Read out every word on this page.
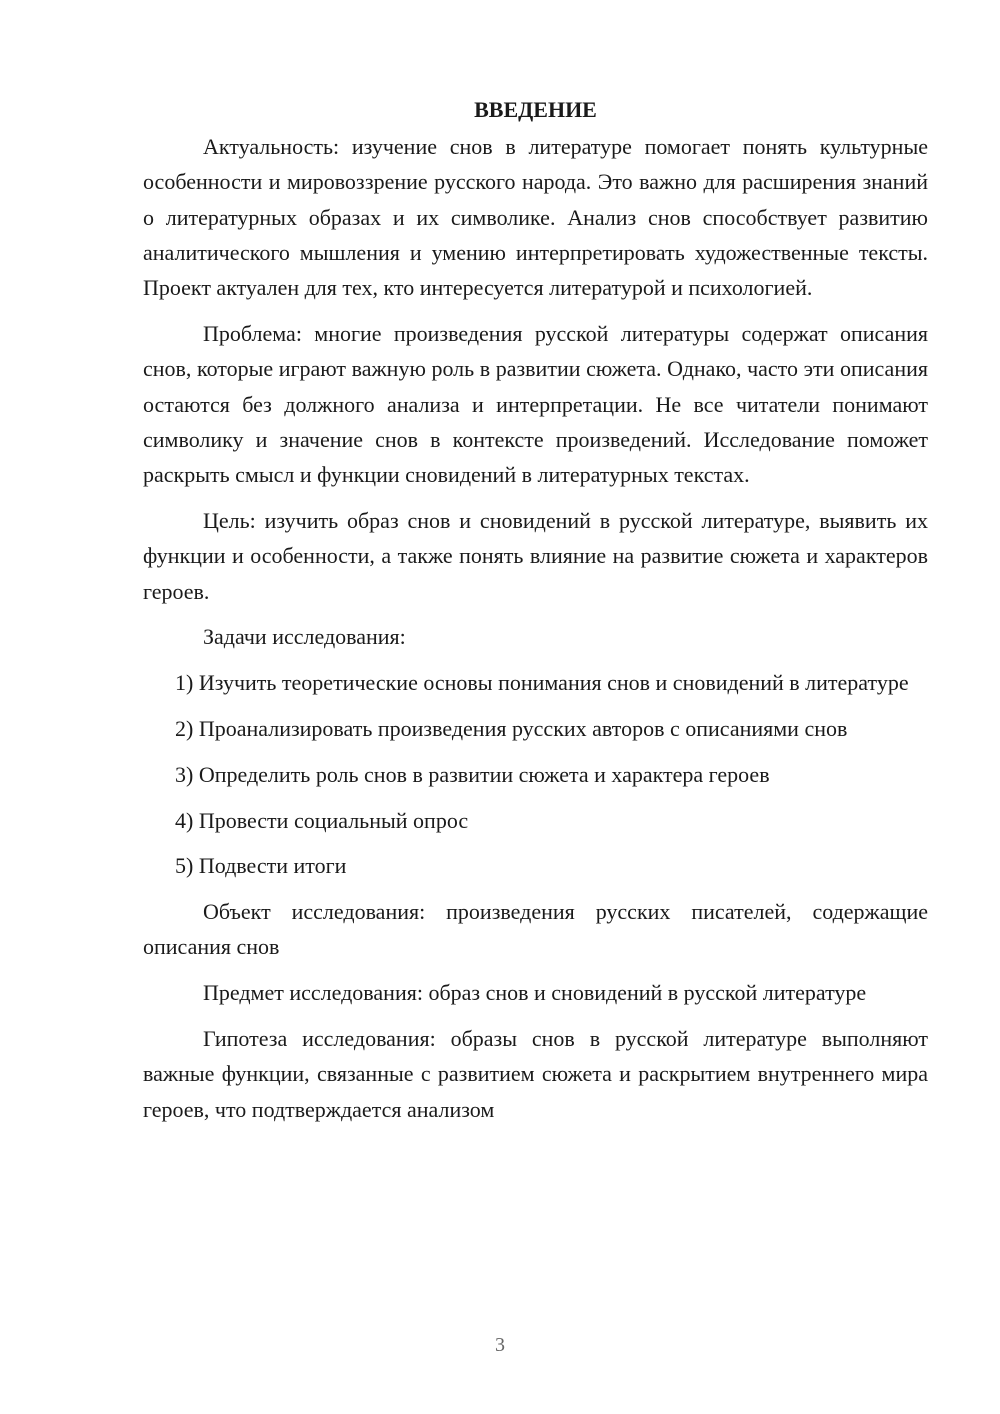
ВВЕДЕНИЕ

Актуальность: изучение снов в литературе помогает понять культурные особенности и мировоззрение русского народа. Это важно для расширения знаний о литературных образах и их символике. Анализ снов способствует развитию аналитического мышления и умению интерпретировать художественные тексты. Проект актуален для тех, кто интересуется литературой и психологией.

Проблема: многие произведения русской литературы содержат описания снов, которые играют важную роль в развитии сюжета. Однако, часто эти описания остаются без должного анализа и интерпретации. Не все читатели понимают символику и значение снов в контексте произведений. Исследование поможет раскрыть смысл и функции сновидений в литературных текстах.

Цель: изучить образ снов и сновидений в русской литературе, выявить их функции и особенности, а также понять влияние на развитие сюжета и характеров героев.

Задачи исследования:

1) Изучить теоретические основы понимания снов и сновидений в литературе

2) Проанализировать произведения русских авторов с описаниями снов

3) Определить роль снов в развитии сюжета и характера героев

4) Провести социальный опрос

5) Подвести итоги

Объект исследования: произведения русских писателей, содержащие описания снов

Предмет исследования: образ снов и сновидений в русской литературе

Гипотеза исследования: образы снов в русской литературе выполняют важные функции, связанные с развитием сюжета и раскрытием внутреннего мира героев, что подтверждается анализом

3
